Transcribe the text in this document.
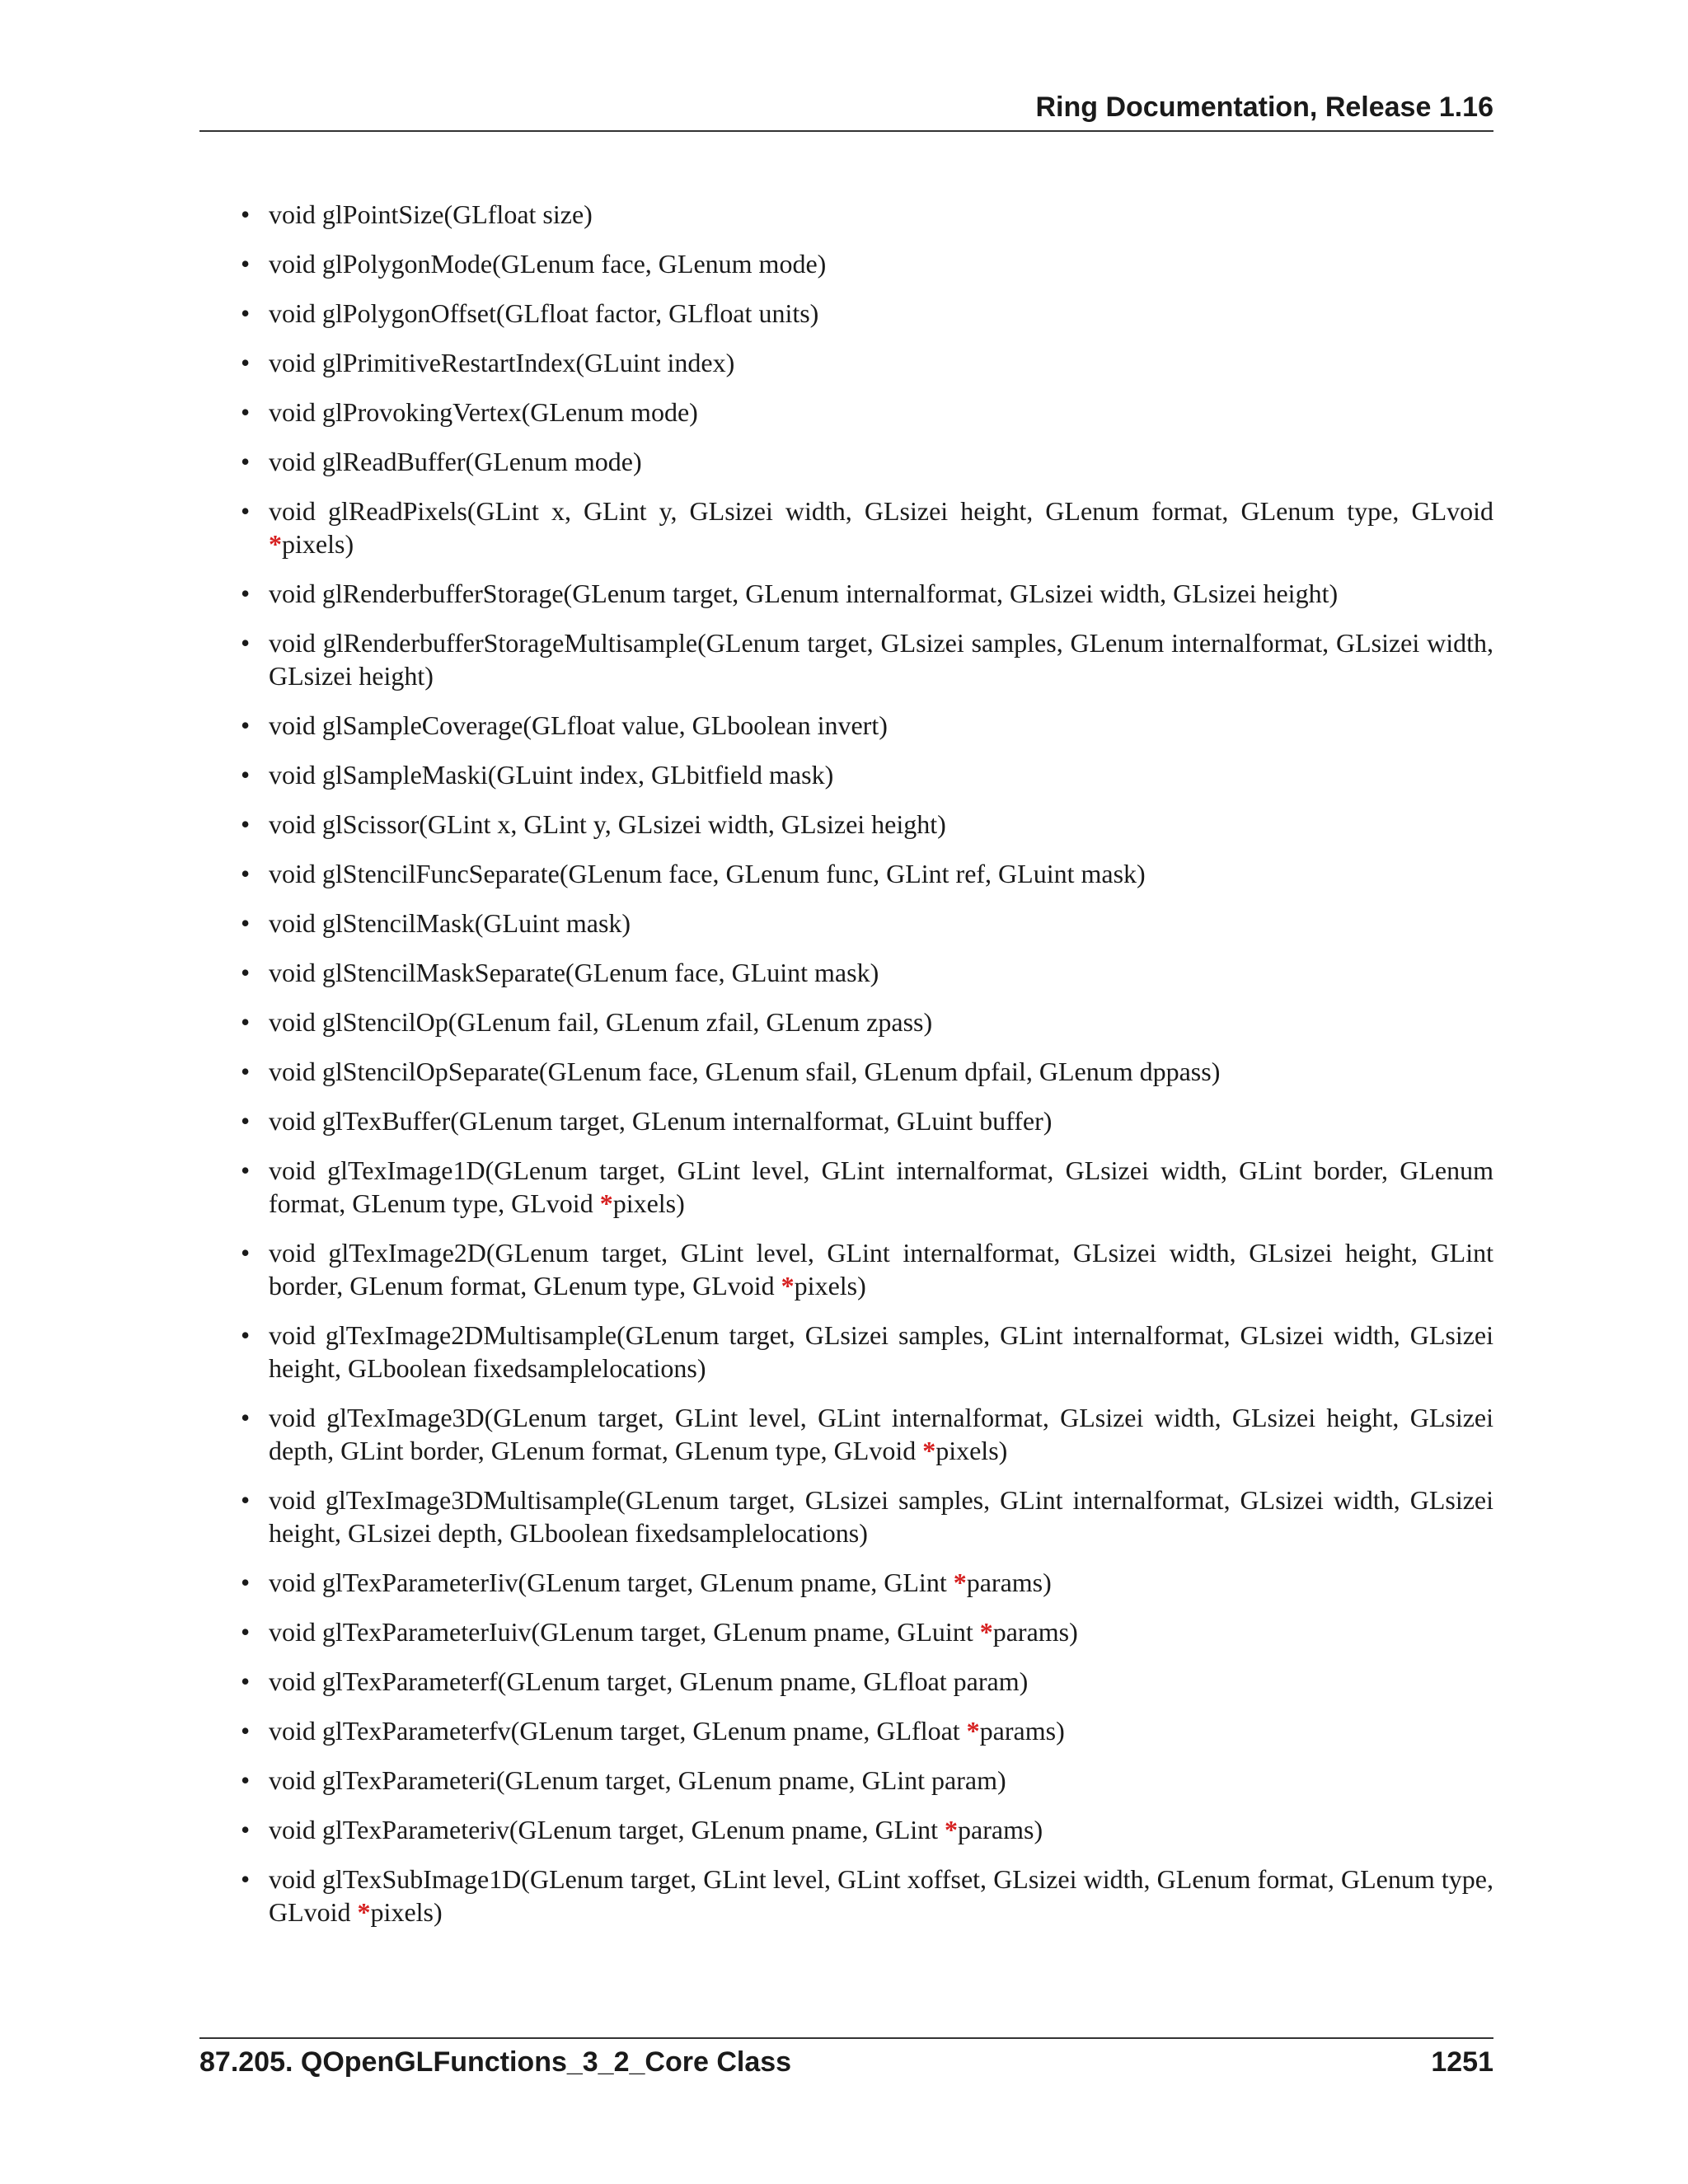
Ring Documentation, Release 1.16
• void glPointSize(GLfloat size)
• void glPolygonMode(GLenum face, GLenum mode)
• void glPolygonOffset(GLfloat factor, GLfloat units)
• void glPrimitiveRestartIndex(GLuint index)
• void glProvokingVertex(GLenum mode)
• void glReadBuffer(GLenum mode)
• void glReadPixels(GLint x, GLint y, GLsizei width, GLsizei height, GLenum format, GLenum type, GLvoid *pixels)
• void glRenderbufferStorage(GLenum target, GLenum internalformat, GLsizei width, GLsizei height)
• void glRenderbufferStorageMultisample(GLenum target, GLsizei samples, GLenum internalformat, GLsizei width, GLsizei height)
• void glSampleCoverage(GLfloat value, GLboolean invert)
• void glSampleMaski(GLuint index, GLbitfield mask)
• void glScissor(GLint x, GLint y, GLsizei width, GLsizei height)
• void glStencilFuncSeparate(GLenum face, GLenum func, GLint ref, GLuint mask)
• void glStencilMask(GLuint mask)
• void glStencilMaskSeparate(GLenum face, GLuint mask)
• void glStencilOp(GLenum fail, GLenum zfail, GLenum zpass)
• void glStencilOpSeparate(GLenum face, GLenum sfail, GLenum dpfail, GLenum dppass)
• void glTexBuffer(GLenum target, GLenum internalformat, GLuint buffer)
• void glTexImage1D(GLenum target, GLint level, GLint internalformat, GLsizei width, GLint border, GLenum format, GLenum type, GLvoid *pixels)
• void glTexImage2D(GLenum target, GLint level, GLint internalformat, GLsizei width, GLsizei height, GLint border, GLenum format, GLenum type, GLvoid *pixels)
• void glTexImage2DMultisample(GLenum target, GLsizei samples, GLint internalformat, GLsizei width, GLsizei height, GLboolean fixedsamplelocations)
• void glTexImage3D(GLenum target, GLint level, GLint internalformat, GLsizei width, GLsizei height, GLsizei depth, GLint border, GLenum format, GLenum type, GLvoid *pixels)
• void glTexImage3DMultisample(GLenum target, GLsizei samples, GLint internalformat, GLsizei width, GLsizei height, GLsizei depth, GLboolean fixedsamplelocations)
• void glTexParameterIiv(GLenum target, GLenum pname, GLint *params)
• void glTexParameterIuiv(GLenum target, GLenum pname, GLuint *params)
• void glTexParameterf(GLenum target, GLenum pname, GLfloat param)
• void glTexParameterfv(GLenum target, GLenum pname, GLfloat *params)
• void glTexParameteri(GLenum target, GLenum pname, GLint param)
• void glTexParameteriv(GLenum target, GLenum pname, GLint *params)
• void glTexSubImage1D(GLenum target, GLint level, GLint xoffset, GLsizei width, GLenum format, GLenum type, GLvoid *pixels)
87.205. QOpenGLFunctions_3_2_Core Class	1251
